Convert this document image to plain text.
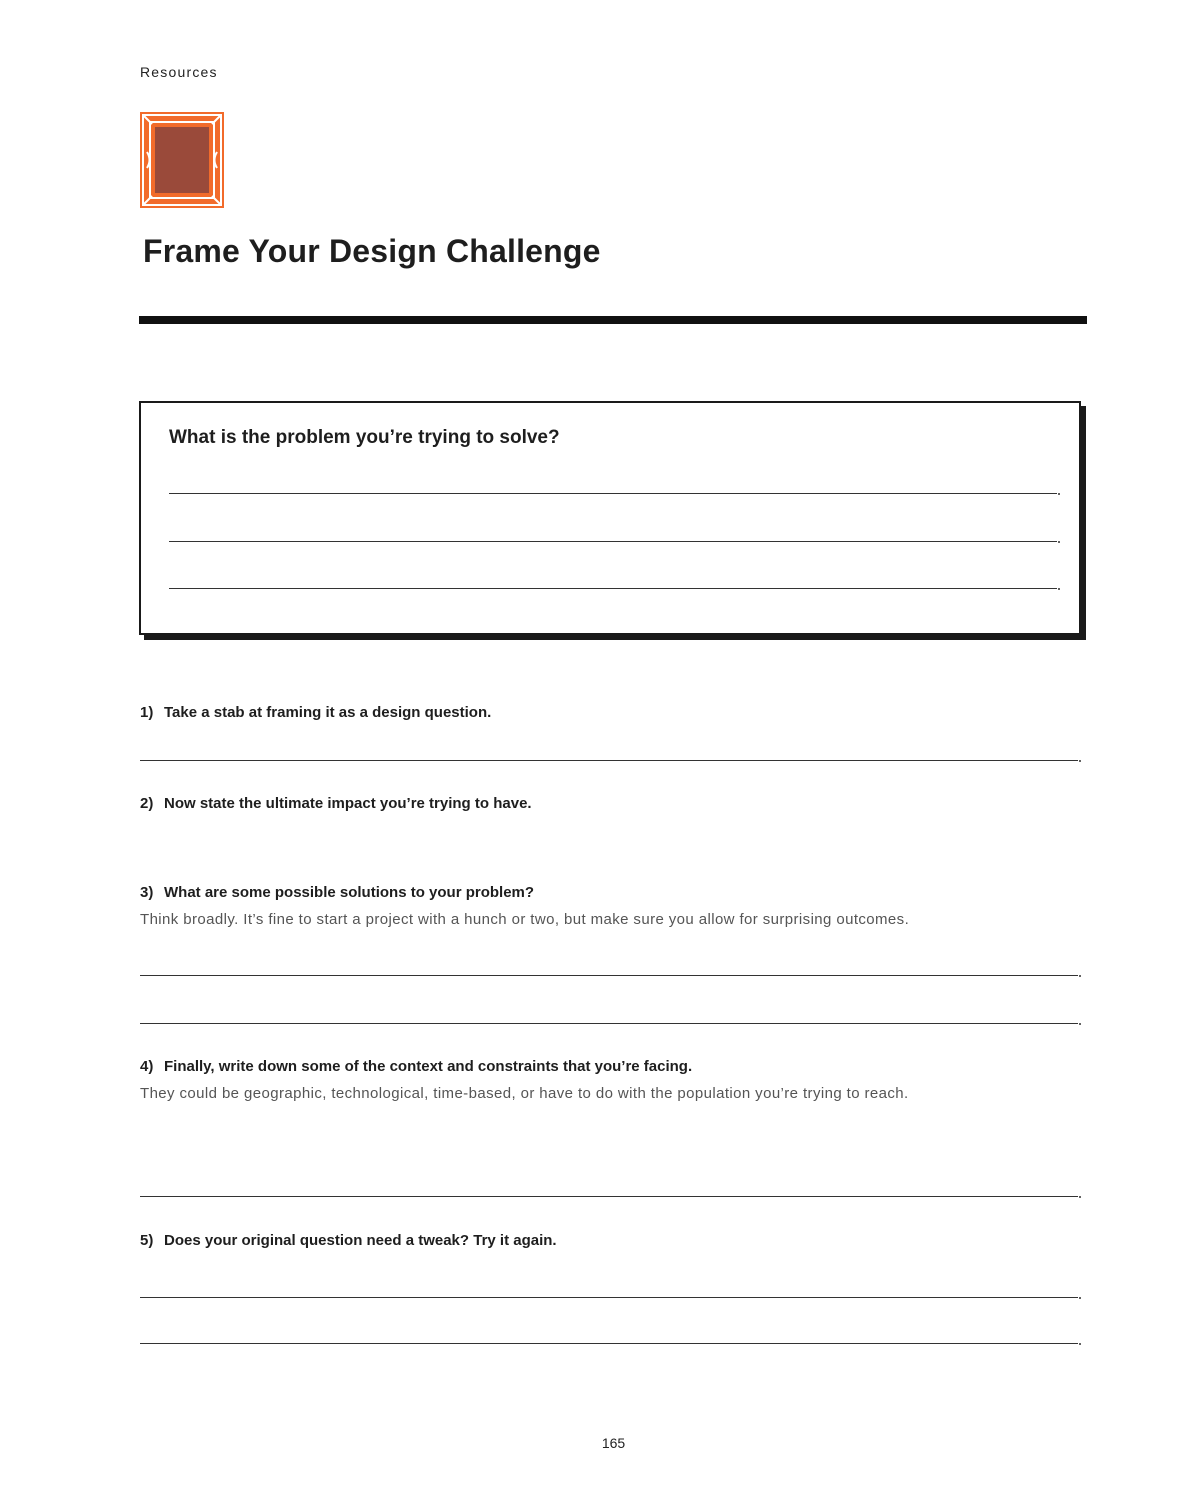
Resources
Frame Your Design Challenge
What is the problem you’re trying to solve?
1) Take a stab at framing it as a design question.
2) Now state the ultimate impact you’re trying to have.
3) What are some possible solutions to your problem?
Think broadly. It’s fine to start a project with a hunch or two, but make sure you allow for surprising outcomes.
4) Finally, write down some of the context and constraints that you’re facing.
They could be geographic, technological, time-based, or have to do with the population you’re trying to reach.
5) Does your original question need a tweak? Try it again.
165
